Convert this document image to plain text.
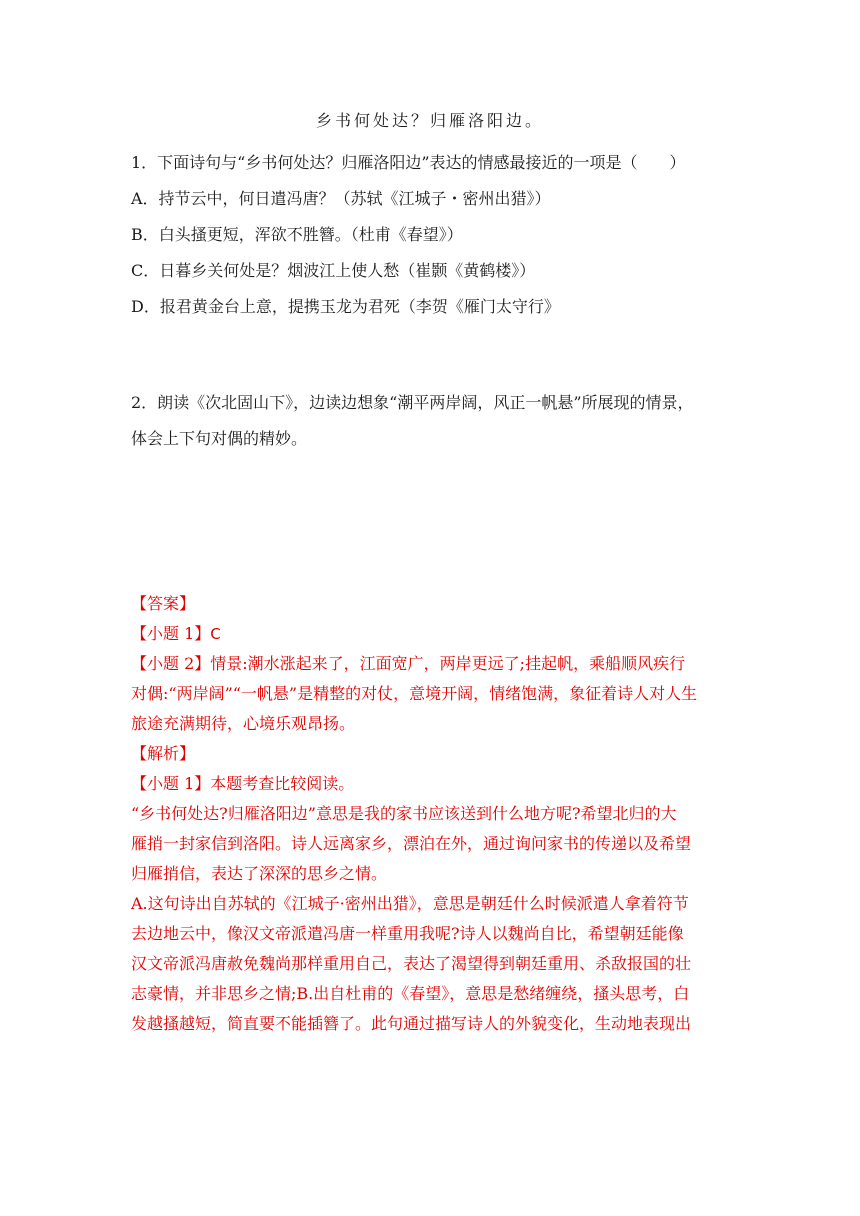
乡书何处达？归雁洛阳边。
1．下面诗句与“乡书何处达？归雁洛阳边”表达的情感最接近的一项是（　　）
A．持节云中，何日遣冯唐？（苏轼《江城子・密州出猎》）
B．白头搔更短，浑欲不胜簪。（杜甫《春望》）
C．日暮乡关何处是？烟波江上使人愁（崔颢《黄鹤楼》）
D．报君黄金台上意，提携玉龙为君死（李贺《雁门太守行》
2．朗读《次北固山下》，边读边想象“潮平两岸阔，风正一帆悬”所展现的情景，
体会上下句对偶的精妙。

【答案】

【小题 1】C

【小题 2】情景:潮水涨起来了，江面宽广，两岸更远了;挂起帆，乘船顺风疾行

对偶:“两岸阔”“一帆悬”是精整的对仗，意境开阔，情绪饱满，象征着诗人对人生

旅途充满期待，心境乐观昂扬。

【解析】

【小题 1】本题考查比较阅读。

“乡书何处达?归雁洛阳边”意思是我的家书应该送到什么地方呢?希望北归的大

雁捎一封家信到洛阳。诗人远离家乡，漂泊在外，通过询问家书的传递以及希望

归雁捎信，表达了深深的思乡之情。

A.这句诗出自苏轼的《江城子·密州出猎》，意思是朝廷什么时候派遣人拿着符节

去边地云中，像汉文帝派遣冯唐一样重用我呢?诗人以魏尚自比，希望朝廷能像

汉文帝派冯唐赦免魏尚那样重用自己，表达了渴望得到朝廷重用、杀敌报国的壮

志豪情，并非思乡之情;B.出自杜甫的《春望》，意思是愁绪缠绕，搔头思考，白

发越搔越短，简直要不能插簪了。此句通过描写诗人的外貌变化，生动地表现出
